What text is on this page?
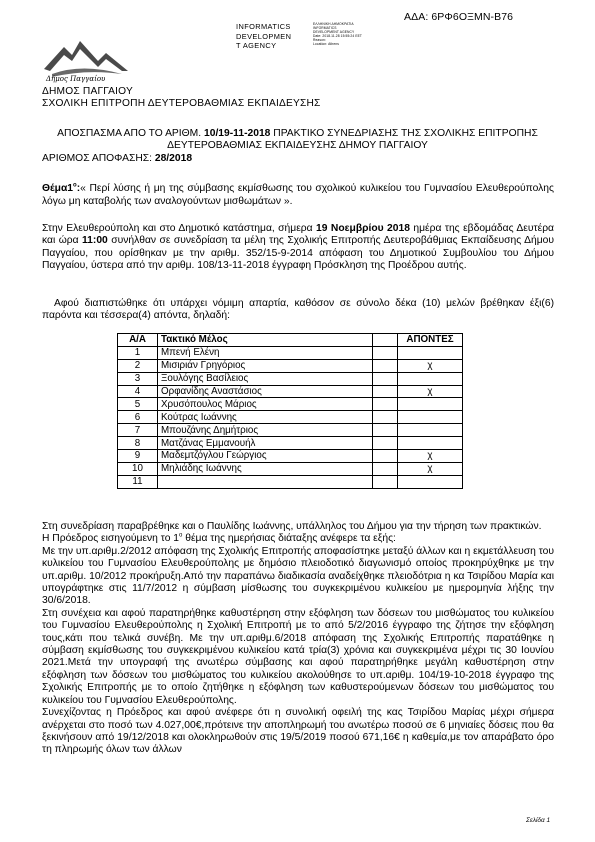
ΑΔΑ: 6ΡΦ6ΟΞΜΝ-Β76
Δήμος Παγγαίου
INFORMATICS
DEVELOPMEN
T AGENCY
ΕΛΛΗΝΙΚΗ ΔΗΜΟΚΡΑΤΙΑ
INFORMATICS
DEVELOPMENT AGENCY
Date: 2018.11.28 15:55:24 EET
Reason:
Location: Athens
ΔΗΜΟΣ ΠΑΓΓΑΙΟΥ
ΣΧΟΛΙΚΗ ΕΠΙΤΡΟΠΗ ΔΕΥΤΕΡΟΒΑΘΜΙΑΣ ΕΚΠΑΙΔΕΥΣΗΣ
ΑΠΟΣΠΑΣΜΑ ΑΠΟ ΤΟ ΑΡΙΘΜ. 10/19-11-2018 ΠΡΑΚΤΙΚΟ ΣΥΝΕΔΡΙΑΣΗΣ ΤΗΣ ΣΧΟΛΙΚΗΣ ΕΠΙΤΡΟΠΗΣ ΔΕΥΤΕΡΟΒΑΘΜΙΑΣ ΕΚΠΑΙΔΕΥΣΗΣ ΔΗΜΟΥ ΠΑΓΓΑΙΟΥ
ΑΡΙΘΜΟΣ ΑΠΟΦΑΣΗΣ: 28/2018
$\Theta έ\mu\alpha 1^o:«$ Περί λύσης ή μη της σύμβασης εκμίσθωσης του σχολικού κυλικείου του Γυμνασίου Ελευθερούπολης λόγω μη καταβολής των αναλογούντων μισθωμάτων ».
Στην Ελευθερούπολη και στο Δημοτικό κατάστημα, σήμερα 19 Νοεμβρίου 2018 ημέρα της εβδομάδας Δευτέρα και ώρα 11:00 συνήλθαν σε συνεδρίαση τα μέλη της Σχολικής Επιτροπής Δευτεροβάθμιας Εκπαίδευσης Δήμου Παγγαίου, που ορίσθηκαν με την αριθμ. 352/15-9-2014 απόφαση του Δημοτικού Συμβουλίου του Δήμου Παγγαίου, ύστερα από την αριθμ. 108/13-11-2018 έγγραφη Πρόσκληση της Προέδρου αυτής.
Αφού διαπιστώθηκε ότι υπάρχει νόμιμη απαρτία, καθόσον σε σύνολο δέκα (10) μελών βρέθηκαν έξι(6) παρόντα και τέσσερα(4) απόντα, δηλαδή:
Α/Α	Τακτικό Μέλος		ΑΠΟΝΤΕΣ
1	Μπενή Ελένη		
2	Μισιριάν Γρηγόριος		χ
3	Ξουλόγης Βασίλειος		
4	Ορφανίδης Αναστάσιος		χ
5	Χρυσόπουλος Μάριος		
6	Κούτρας Ιωάννης		
7	Μπουζάνης Δημήτριος		
8	Ματζάνας Εμμανουήλ		
9	Μαδεμτζόγλου Γεώργιος		χ
10	Μηλιάδης Ιωάννης		χ
11			

Στη συνεδρίαση παραβρέθηκε και ο Παυλίδης Ιωάννης, υπάλληλος του Δήμου για την τήρηση των πρακτικών.

Η Πρόεδρος εισηγούμενη το $1^o$ θέμα της ημερήσιας διάταξης ανέφερε τα εξής:

Με την υπ.αριθμ.2/2012 απόφαση της Σχολικής Επιτροπής αποφασίστηκε μεταξύ άλλων και η εκμετάλλευση του κυλικείου του Γυμνασίου Ελευθερούπολης με δημόσιο πλειοδοτικό διαγωνισμό οποίος προκηρύχθηκε με την υπ.αριθμ. 10/2012 προκήρυξη.Από την παραπάνω διαδικασία αναδείχθηκε πλειοδότρια η κα Τσιρίδου Μαρία και υπογράφτηκε στις 11/7/2012 η σύμβαση μίσθωσης του συγκεκριμένου κυλικείου με ημερομηνία λήξης την 30/6/2018.

Στη συνέχεια και αφού παρατηρήθηκε καθυστέρηση στην εξόφληση των δόσεων του μισθώματος του κυλικείου του Γυμνασίου Ελευθερούπολης η Σχολική Επιτροπή με το από 5/2/2016 έγγραφο της ζήτησε την εξόφληση τους,κάτι που τελικά συνέβη. Με την υπ.αριθμ.6/2018 απόφαση της Σχολικής Επιτροπής παρατάθηκε η σύμβαση εκμίσθωσης του συγκεκριμένου κυλικείου κατά τρία(3) χρόνια και συγκεκριμένα μέχρι τις 30 Ιουνίου 2021.Μετά την υπογραφή της ανωτέρω σύμβασης και αφού παρατηρήθηκε μεγάλη καθυστέρηση στην εξόφληση των δόσεων του μισθώματος του κυλικείου ακολούθησε το υπ.αριθμ. 104/19-10-2018 έγγραφο της Σχολικής Επιτροπής με το οποίο ζητήθηκε η εξόφληση των καθυστερούμενων δόσεων του μισθώματος του κυλικείου του Γυμνασίου Ελευθερούπολης.

Συνεχίζοντας η Πρόεδρος και αφού ανέφερε ότι η συνολική οφειλή της κας Τσιρίδου Μαρίας μέχρι σήμερα ανέρχεται στο ποσό των 4.027,00€,πρότεινε την αποπληρωμή του ανωτέρω ποσού σε 6 μηνιαίες δόσεις που θα ξεκινήσουν από 19/12/2018 και ολοκληρωθούν στις 19/5/2019 ποσού 671,16€ η καθεμία,με τον απαράβατο όρο τη πληρωμής όλων των άλλων

Σελίδα 1
